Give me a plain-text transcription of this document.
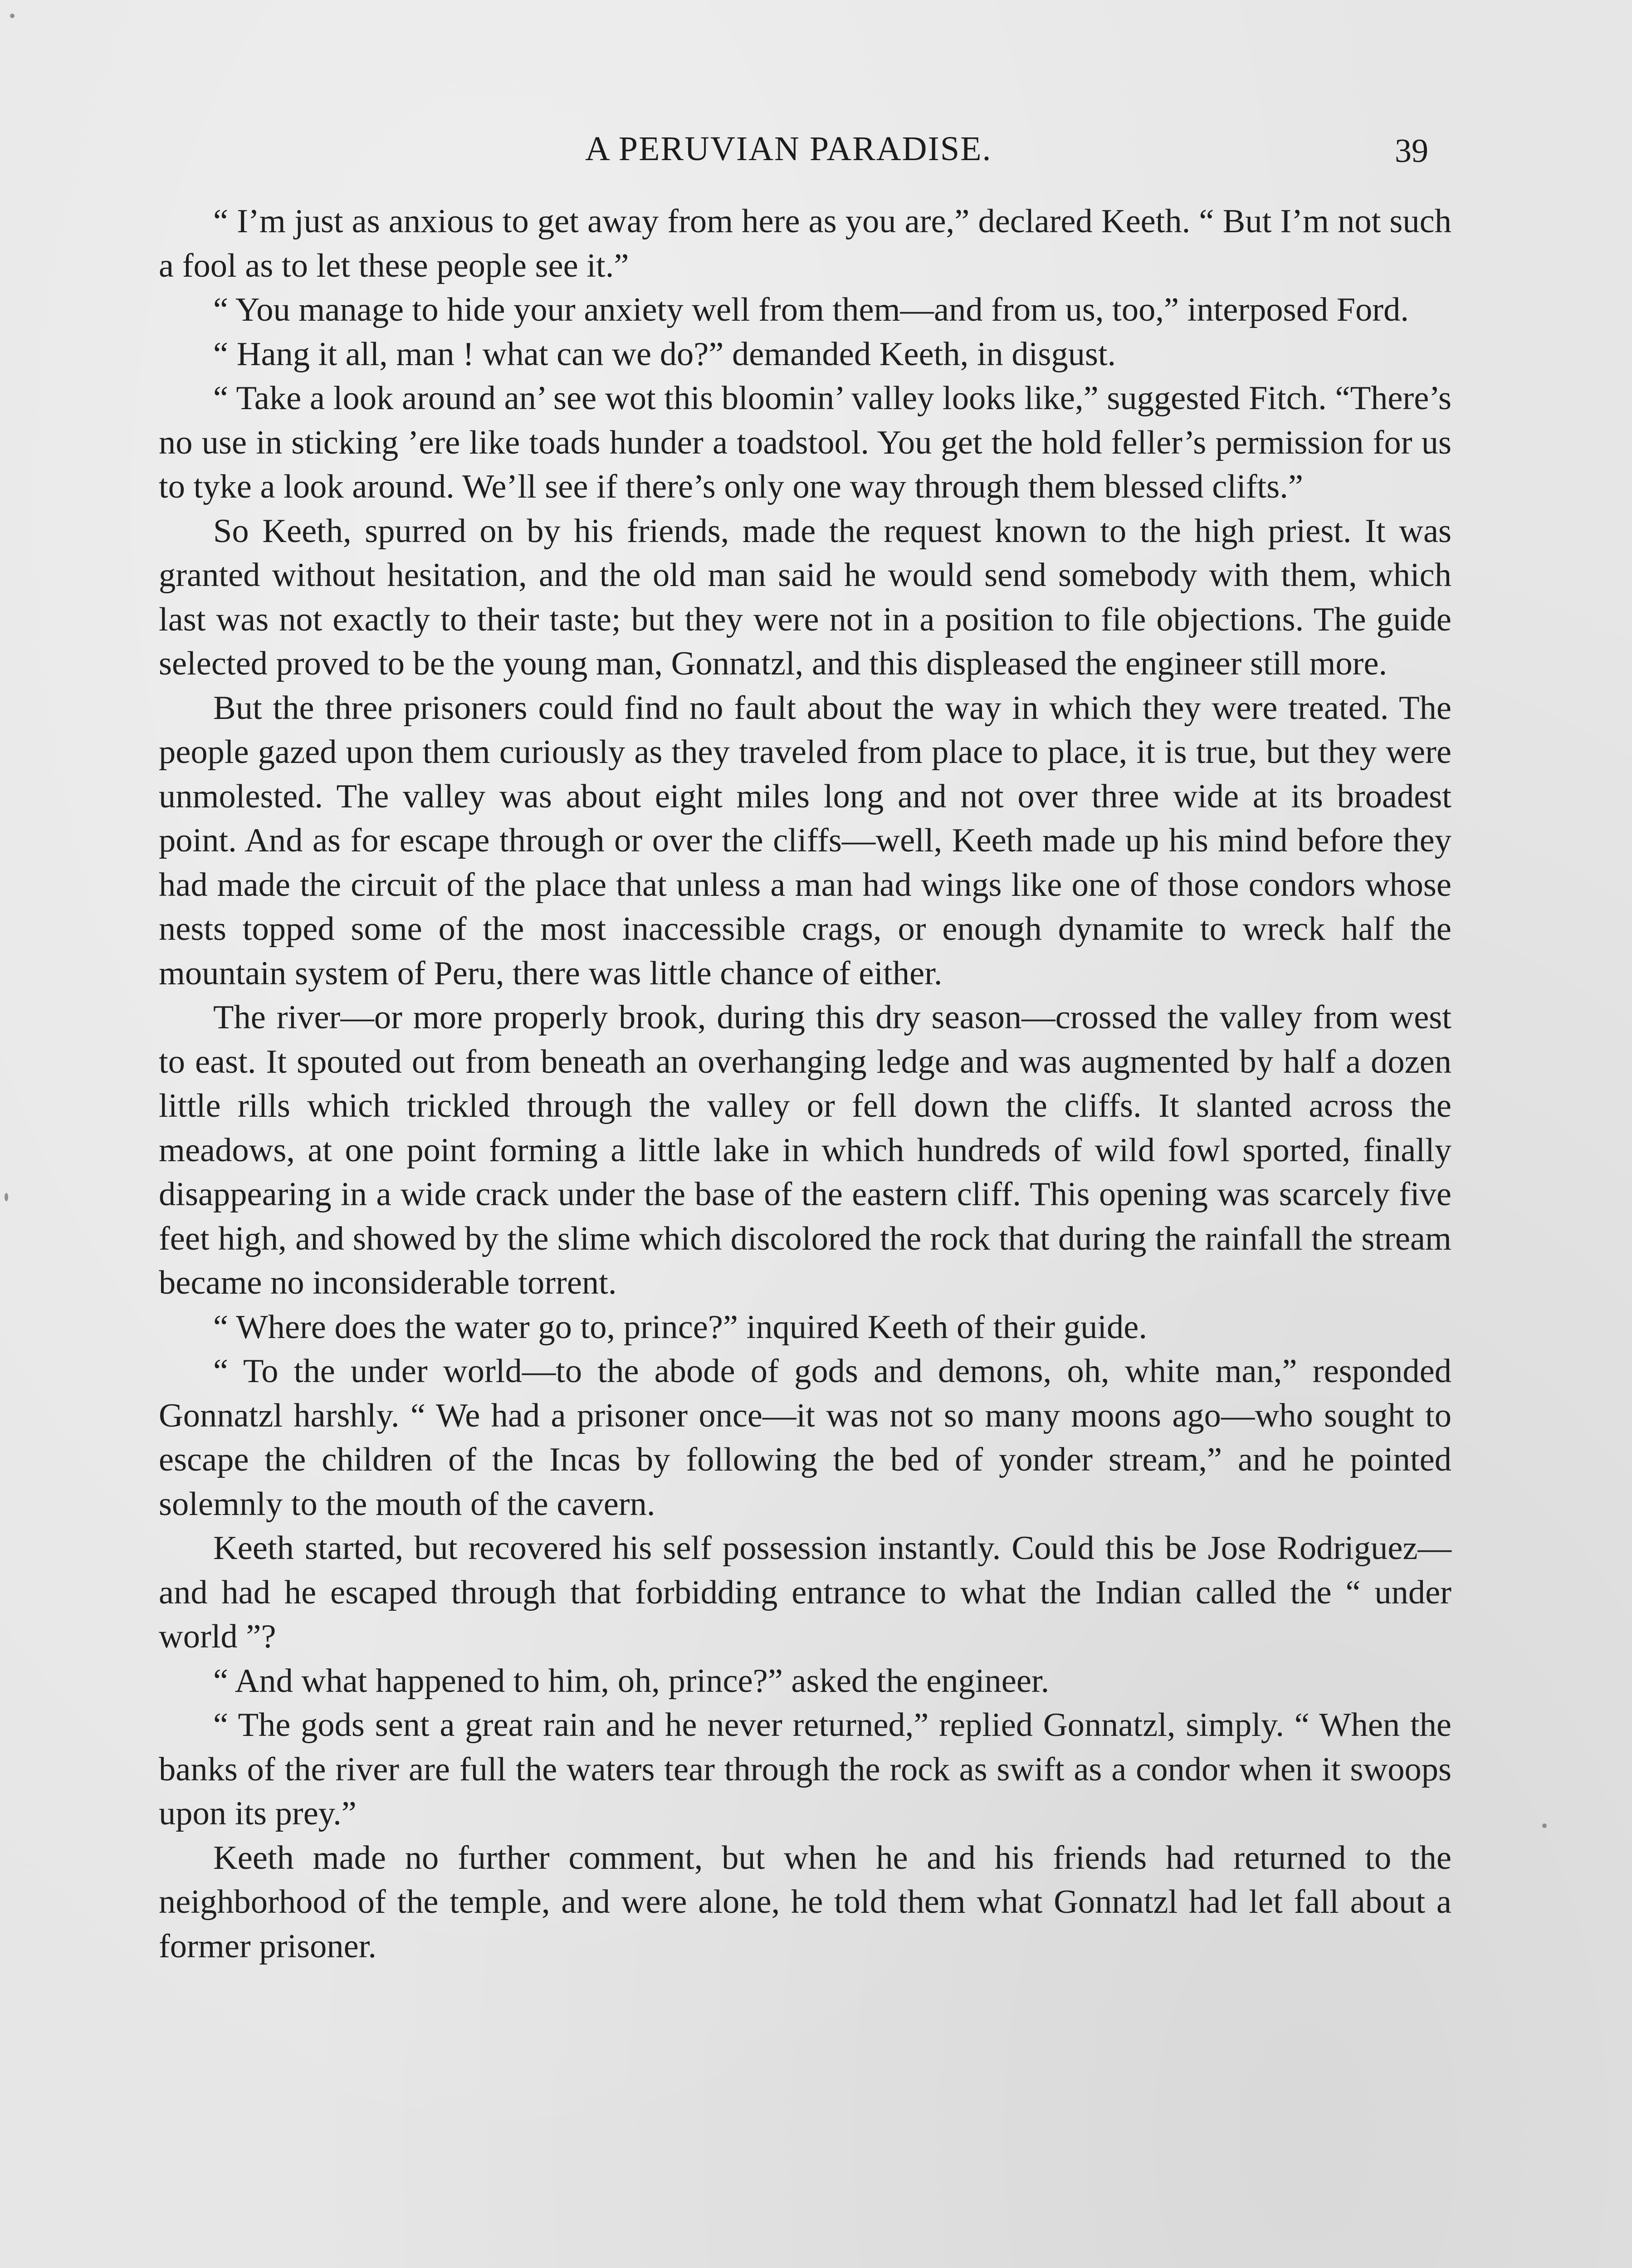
A PERUVIAN PARADISE.	39

“ I’m just as anxious to get away from here as you are,” declared Keeth. “ But I’m not such a fool as to let these people see it.”

“ You manage to hide your anxiety well from them—and from us, too,” interposed Ford.

“ Hang it all, man ! what can we do?” demanded Keeth, in disgust.

“ Take a look around an’ see wot this bloomin’ valley looks like,” suggested Fitch. “There’s no use in sticking ’ere like toads hunder a toadstool. You get the hold feller’s permission for us to tyke a look around. We’ll see if there’s only one way through them blessed clifts.”

So Keeth, spurred on by his friends, made the request known to the high priest. It was granted without hesitation, and the old man said he would send somebody with them, which last was not exactly to their taste; but they were not in a position to file objections. The guide selected proved to be the young man, Gonnatzl, and this displeased the engineer still more.

But the three prisoners could find no fault about the way in which they were treated. The people gazed upon them curiously as they traveled from place to place, it is true, but they were unmolested. The valley was about eight miles long and not over three wide at its broadest point. And as for escape through or over the cliffs—well, Keeth made up his mind before they had made the circuit of the place that unless a man had wings like one of those condors whose nests topped some of the most inaccessible crags, or enough dynamite to wreck half the mountain system of Peru, there was little chance of either.

The river—or more properly brook, during this dry season—crossed the valley from west to east. It spouted out from beneath an overhanging ledge and was augmented by half a dozen little rills which trickled through the valley or fell down the cliffs. It slanted across the meadows, at one point forming a little lake in which hundreds of wild fowl sported, finally disappearing in a wide crack under the base of the eastern cliff. This opening was scarcely five feet high, and showed by the slime which discolored the rock that during the rainfall the stream became no inconsiderable torrent.

“ Where does the water go to, prince?” inquired Keeth of their guide.

“ To the under world—to the abode of gods and demons, oh, white man,” responded Gonnatzl harshly. “ We had a prisoner once—it was not so many moons ago—who sought to escape the children of the Incas by following the bed of yonder stream,” and he pointed solemnly to the mouth of the cavern.

Keeth started, but recovered his self possession instantly. Could this be Jose Rodriguez—and had he escaped through that forbidding entrance to what the Indian called the “ under world ”?

“ And what happened to him, oh, prince?” asked the engineer.

“ The gods sent a great rain and he never returned,” replied Gonnatzl, simply. “ When the banks of the river are full the waters tear through the rock as swift as a condor when it swoops upon its prey.”

Keeth made no further comment, but when he and his friends had returned to the neighborhood of the temple, and were alone, he told them what Gonnatzl had let fall about a former prisoner.
